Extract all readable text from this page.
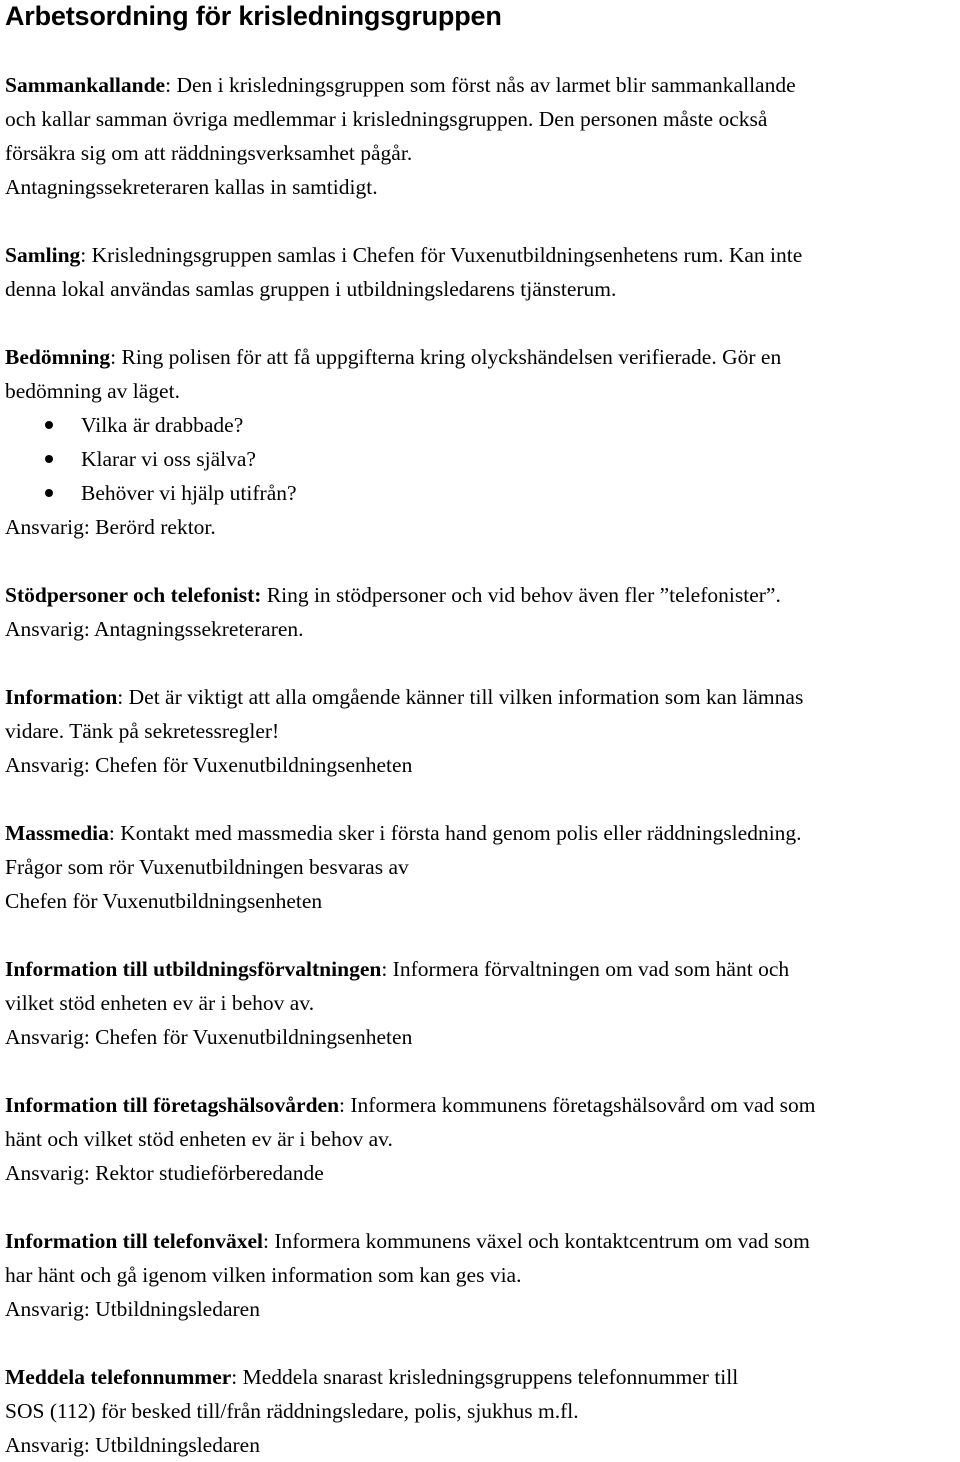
Arbetsordning för krisledningsgruppen

Sammankallande: Den i krisledningsgruppen som först nås av larmet blir sammankallande

och kallar samman övriga medlemmar i krisledningsgruppen. Den personen måste också

försäkra sig om att räddningsverksamhet pågår.

Antagningssekreteraren kallas in samtidigt.

Samling: Krisledningsgruppen samlas i Chefen för Vuxenutbildningsenhetens rum. Kan inte

denna lokal användas samlas gruppen i utbildningsledarens tjänsterum.

Bedömning: Ring polisen för att få uppgifterna kring olyckshändelsen verifierade. Gör en

bedömning av läget.

Vilka är drabbade?
Klarar vi oss själva?
Behöver vi hjälp utifrån?

Ansvarig: Berörd rektor.

Stödpersoner och telefonist: Ring in stödpersoner och vid behov även fler ”telefonister”.

Ansvarig: Antagningssekreteraren.

Information: Det är viktigt att alla omgående känner till vilken information som kan lämnas

vidare. Tänk på sekretessregler!

Ansvarig: Chefen för Vuxenutbildningsenheten

Massmedia: Kontakt med massmedia sker i första hand genom polis eller räddningsledning.

Frågor som rör Vuxenutbildningen besvaras av

Chefen för Vuxenutbildningsenheten

Information till utbildningsförvaltningen: Informera förvaltningen om vad som hänt och

vilket stöd enheten ev är i behov av.

Ansvarig: Chefen för Vuxenutbildningsenheten

Information till företagshälsovården: Informera kommunens företagshälsovård om vad som

hänt och vilket stöd enheten ev är i behov av.

Ansvarig: Rektor studieförberedande

Information till telefonväxel: Informera kommunens växel och kontaktcentrum om vad som

har hänt och gå igenom vilken information som kan ges via.

Ansvarig: Utbildningsledaren

Meddela telefonnummer: Meddela snarast krisledningsgruppens telefonnummer till

SOS (112) för besked till/från räddningsledare, polis, sjukhus m.fl.

Ansvarig: Utbildningsledaren
